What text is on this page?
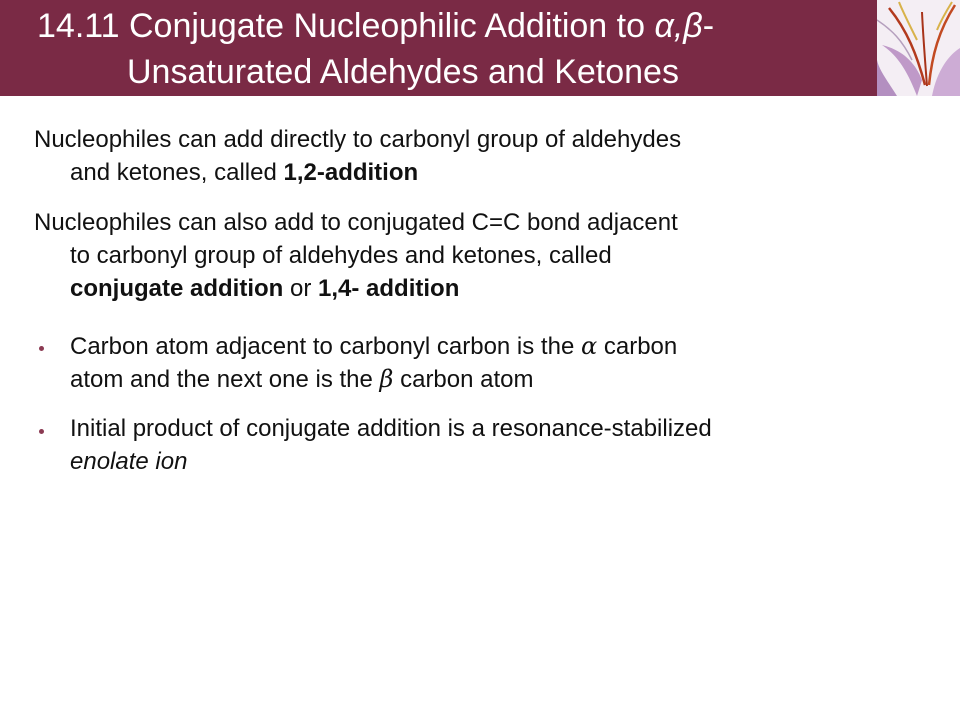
14.11 Conjugate Nucleophilic Addition to α,β-
Unsaturated Aldehydes and Ketones
Nucleophiles can add directly to carbonyl group of aldehydes
and ketones, called 1,2-addition
Nucleophiles can also add to conjugated C=C bond adjacent
to carbonyl group of aldehydes and ketones, called
conjugate addition or 1,4- addition
Carbon atom adjacent to carbonyl carbon is the α carbon
atom and the next one is the β carbon atom
Initial product of conjugate addition is a resonance-stabilized
enolate ion
